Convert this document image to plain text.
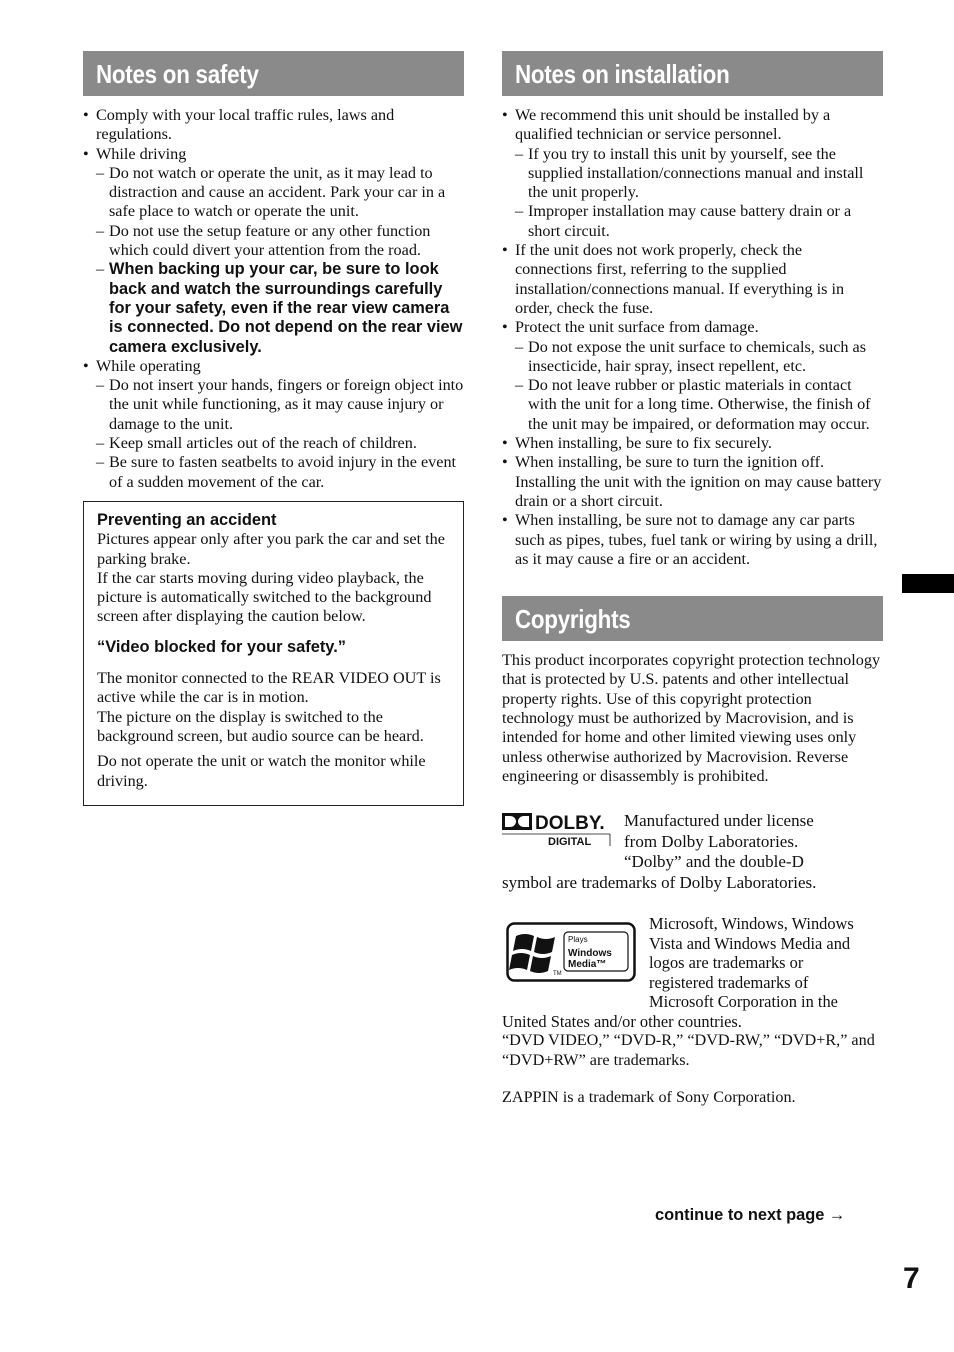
Notes on safety
• Comply with your local traffic rules, laws and regulations.
• While driving
– Do not watch or operate the unit, as it may lead to distraction and cause an accident. Park your car in a safe place to watch or operate the unit.
– Do not use the setup feature or any other function which could divert your attention from the road.
– When backing up your car, be sure to look back and watch the surroundings carefully for your safety, even if the rear view camera is connected. Do not depend on the rear view camera exclusively.
• While operating
– Do not insert your hands, fingers or foreign object into the unit while functioning, as it may cause injury or damage to the unit.
– Keep small articles out of the reach of children.
– Be sure to fasten seatbelts to avoid injury in the event of a sudden movement of the car.
Preventing an accident

Pictures appear only after you park the car and set the parking brake.

If the car starts moving during video playback, the picture is automatically switched to the background screen after displaying the caution below.

“Video blocked for your safety.”

The monitor connected to the REAR VIDEO OUT is active while the car is in motion.

The picture on the display is switched to the background screen, but audio source can be heard.

Do not operate the unit or watch the monitor while driving.

Notes on installation
• We recommend this unit should be installed by a qualified technician or service personnel.
– If you try to install this unit by yourself, see the supplied installation/connections manual and install the unit properly.
– Improper installation may cause battery drain or a short circuit.
• If the unit does not work properly, check the connections first, referring to the supplied installation/connections manual. If everything is in order, check the fuse.
• Protect the unit surface from damage.
– Do not expose the unit surface to chemicals, such as insecticide, hair spray, insect repellent, etc.
– Do not leave rubber or plastic materials in contact with the unit for a long time. Otherwise, the finish of the unit may be impaired, or deformation may occur.
• When installing, be sure to fix securely.
• When installing, be sure to turn the ignition off. Installing the unit with the ignition on may cause battery drain or a short circuit.
• When installing, be sure not to damage any car parts such as pipes, tubes, fuel tank or wiring by using a drill, as it may cause a fire or an accident.
Copyrights

This product incorporates copyright protection technology that is protected by U.S. patents and other intellectual property rights. Use of this copyright protection technology must be authorized by Macrovision, and is intended for home and other limited viewing uses only unless otherwise authorized by Macrovision. Reverse engineering or disassembly is prohibited.

DOLBY.
DIGITAL
Manufactured under license
from Dolby Laboratories.
“Dolby” and the double-D
symbol are trademarks of Dolby Laboratories.
TM
Plays
Windows
Media™
Microsoft, Windows, Windows
Vista and Windows Media and
logos are trademarks or
registered trademarks of
Microsoft Corporation in the
United States and/or other countries.

“DVD VIDEO,” “DVD-R,” “DVD-RW,” “DVD+R,” and “DVD+RW” are trademarks.

ZAPPIN is a trademark of Sony Corporation.

continue to next page →
7
